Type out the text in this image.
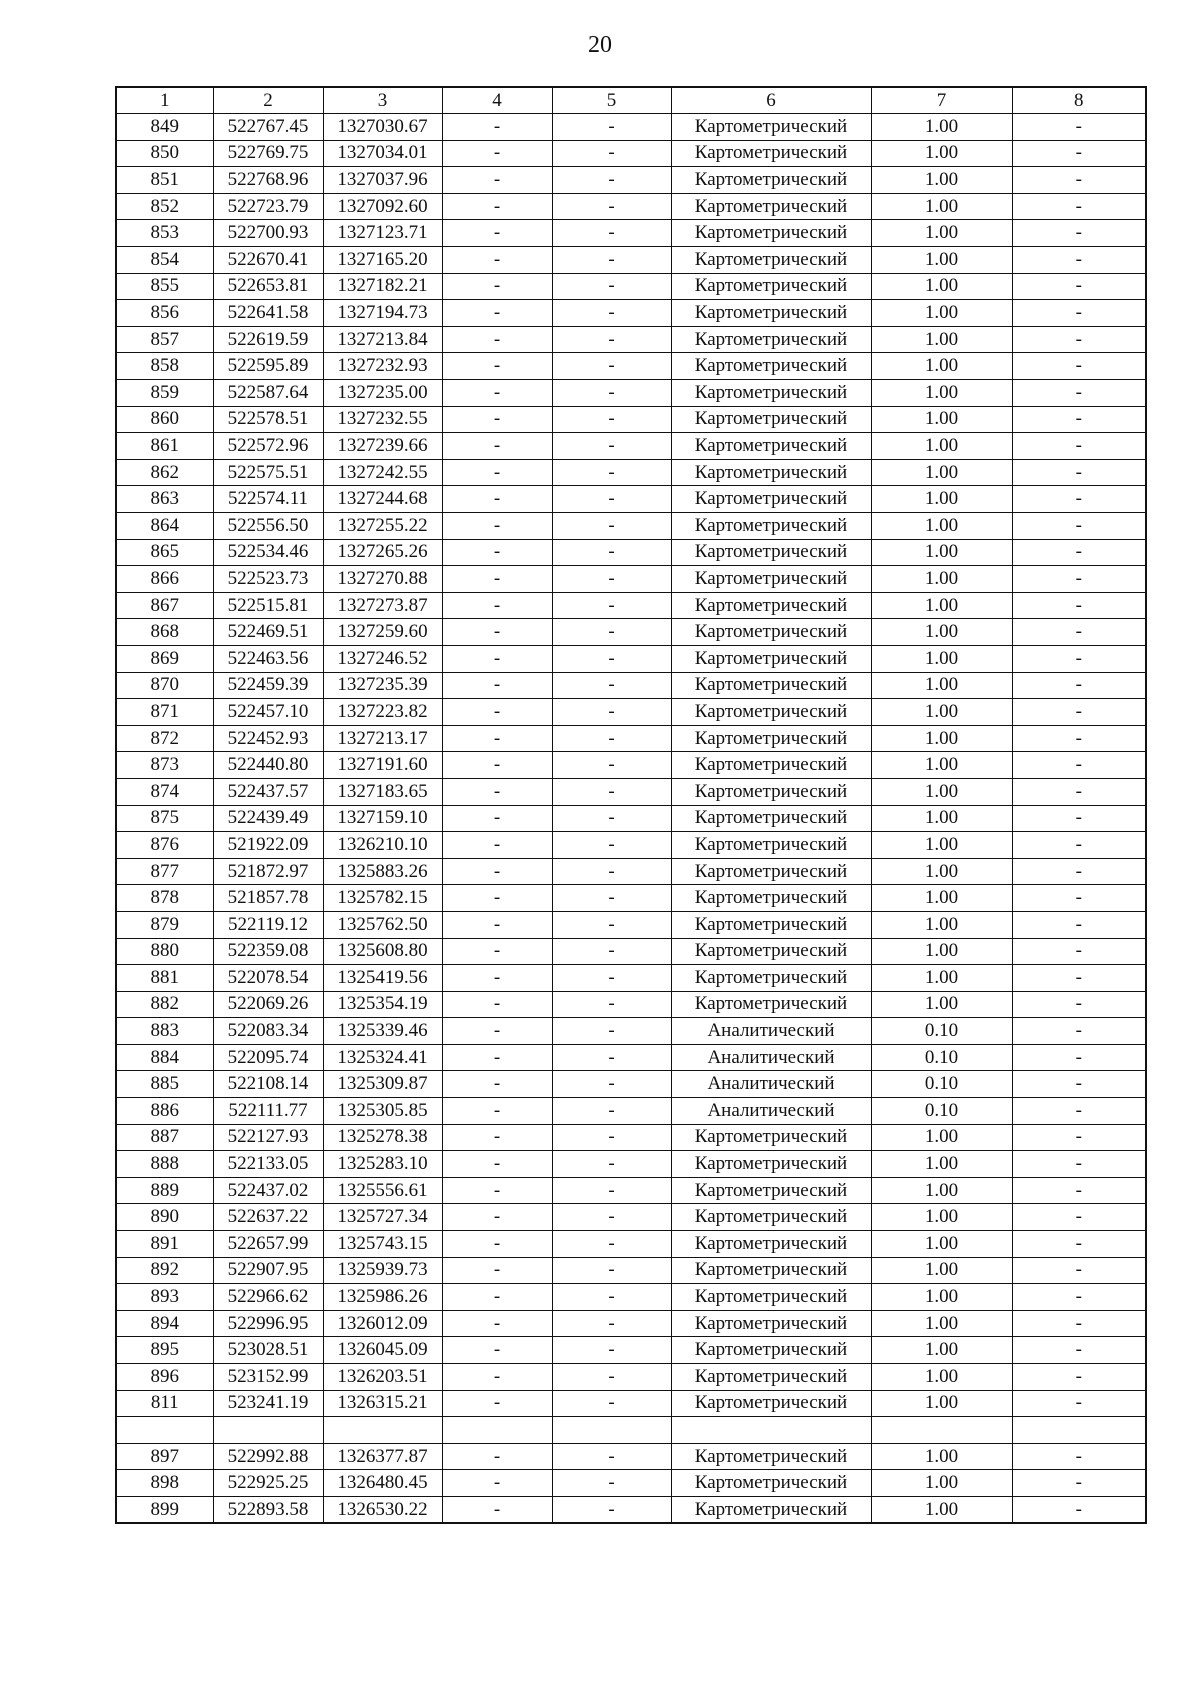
20
1	2	3	4	5	6	7	8
849	522767.45	1327030.67	-	-	Картометрический	1.00	-
850	522769.75	1327034.01	-	-	Картометрический	1.00	-
851	522768.96	1327037.96	-	-	Картометрический	1.00	-
852	522723.79	1327092.60	-	-	Картометрический	1.00	-
853	522700.93	1327123.71	-	-	Картометрический	1.00	-
854	522670.41	1327165.20	-	-	Картометрический	1.00	-
855	522653.81	1327182.21	-	-	Картометрический	1.00	-
856	522641.58	1327194.73	-	-	Картометрический	1.00	-
857	522619.59	1327213.84	-	-	Картометрический	1.00	-
858	522595.89	1327232.93	-	-	Картометрический	1.00	-
859	522587.64	1327235.00	-	-	Картометрический	1.00	-
860	522578.51	1327232.55	-	-	Картометрический	1.00	-
861	522572.96	1327239.66	-	-	Картометрический	1.00	-
862	522575.51	1327242.55	-	-	Картометрический	1.00	-
863	522574.11	1327244.68	-	-	Картометрический	1.00	-
864	522556.50	1327255.22	-	-	Картометрический	1.00	-
865	522534.46	1327265.26	-	-	Картометрический	1.00	-
866	522523.73	1327270.88	-	-	Картометрический	1.00	-
867	522515.81	1327273.87	-	-	Картометрический	1.00	-
868	522469.51	1327259.60	-	-	Картометрический	1.00	-
869	522463.56	1327246.52	-	-	Картометрический	1.00	-
870	522459.39	1327235.39	-	-	Картометрический	1.00	-
871	522457.10	1327223.82	-	-	Картометрический	1.00	-
872	522452.93	1327213.17	-	-	Картометрический	1.00	-
873	522440.80	1327191.60	-	-	Картометрический	1.00	-
874	522437.57	1327183.65	-	-	Картометрический	1.00	-
875	522439.49	1327159.10	-	-	Картометрический	1.00	-
876	521922.09	1326210.10	-	-	Картометрический	1.00	-
877	521872.97	1325883.26	-	-	Картометрический	1.00	-
878	521857.78	1325782.15	-	-	Картометрический	1.00	-
879	522119.12	1325762.50	-	-	Картометрический	1.00	-
880	522359.08	1325608.80	-	-	Картометрический	1.00	-
881	522078.54	1325419.56	-	-	Картометрический	1.00	-
882	522069.26	1325354.19	-	-	Картометрический	1.00	-
883	522083.34	1325339.46	-	-	Аналитический	0.10	-
884	522095.74	1325324.41	-	-	Аналитический	0.10	-
885	522108.14	1325309.87	-	-	Аналитический	0.10	-
886	522111.77	1325305.85	-	-	Аналитический	0.10	-
887	522127.93	1325278.38	-	-	Картометрический	1.00	-
888	522133.05	1325283.10	-	-	Картометрический	1.00	-
889	522437.02	1325556.61	-	-	Картометрический	1.00	-
890	522637.22	1325727.34	-	-	Картометрический	1.00	-
891	522657.99	1325743.15	-	-	Картометрический	1.00	-
892	522907.95	1325939.73	-	-	Картометрический	1.00	-
893	522966.62	1325986.26	-	-	Картометрический	1.00	-
894	522996.95	1326012.09	-	-	Картометрический	1.00	-
895	523028.51	1326045.09	-	-	Картометрический	1.00	-
896	523152.99	1326203.51	-	-	Картометрический	1.00	-
811	523241.19	1326315.21	-	-	Картометрический	1.00	-

897	522992.88	1326377.87	-	-	Картометрический	1.00	-
898	522925.25	1326480.45	-	-	Картометрический	1.00	-
899	522893.58	1326530.22	-	-	Картометрический	1.00	-
